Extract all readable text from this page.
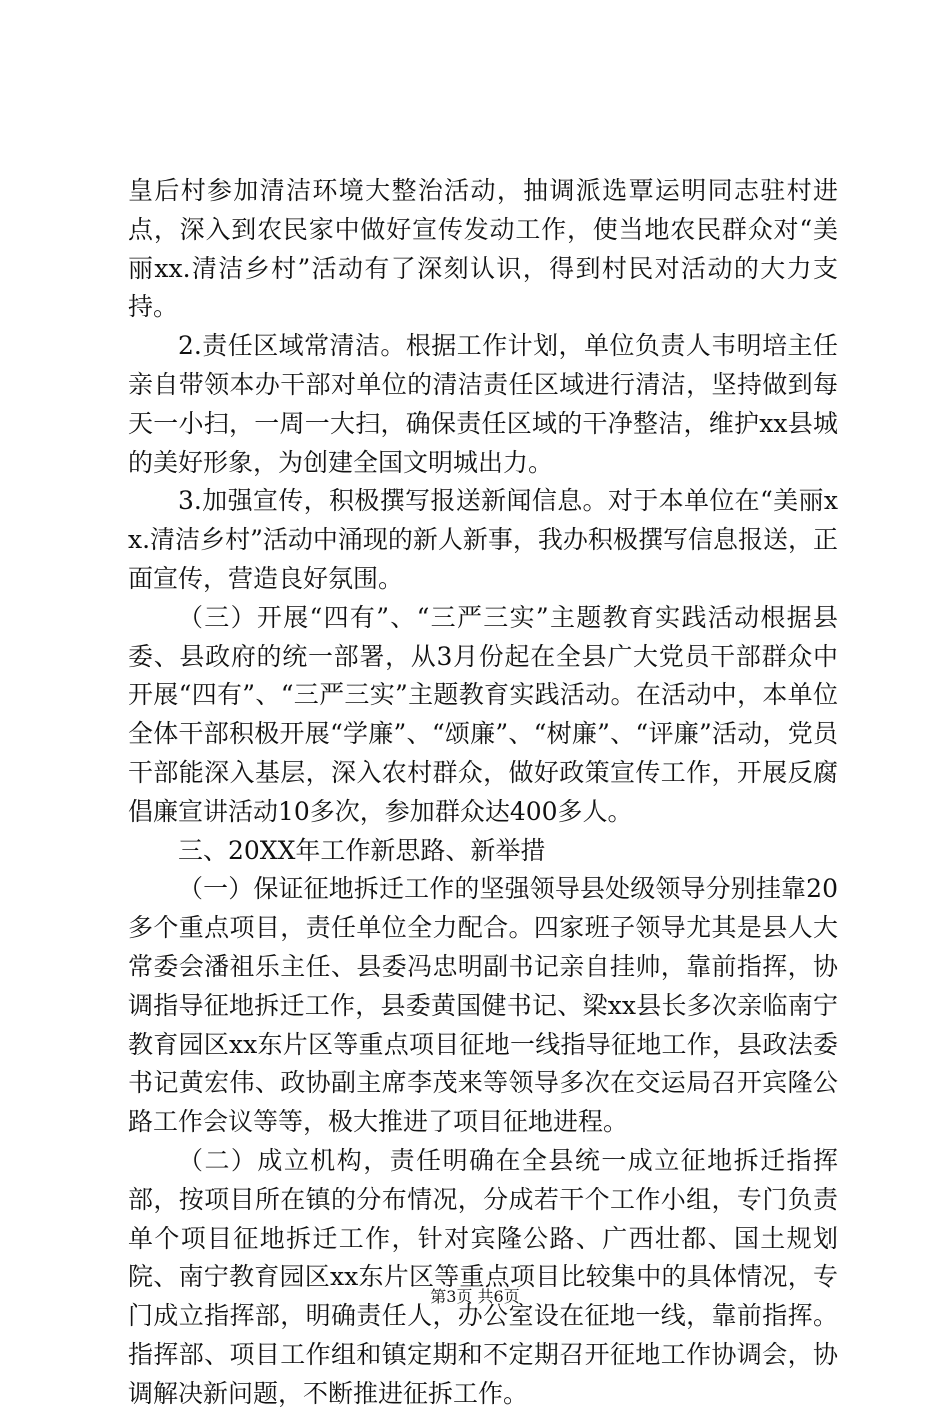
皇后村参加清洁环境大整治活动，抽调派选覃运明同志驻村进点，深入到农民家中做好宣传发动工作，使当地农民群众对“美丽xx.清洁乡村”活动有了深刻认识，得到村民对活动的大力支持。

2.责任区域常清洁。根据工作计划，单位负责人韦明培主任亲自带领本办干部对单位的清洁责任区域进行清洁，坚持做到每天一小扫，一周一大扫，确保责任区域的干净整洁，维护xx县城的美好形象，为创建全国文明城出力。

3.加强宣传，积极撰写报送新闻信息。对于本单位在“美丽xx.清洁乡村”活动中涌现的新人新事，我办积极撰写信息报送，正面宣传，营造良好氛围。

（三）开展“四有”、“三严三实”主题教育实践活动根据县委、县政府的统一部署，从3月份起在全县广大党员干部群众中开展“四有”、“三严三实”主题教育实践活动。在活动中，本单位全体干部积极开展“学廉”、“颂廉”、“树廉”、“评廉”活动，党员干部能深入基层，深入农村群众，做好政策宣传工作，开展反腐倡廉宣讲活动10多次，参加群众达400多人。

三、20XX年工作新思路、新举措

（一）保证征地拆迁工作的坚强领导县处级领导分别挂靠20多个重点项目，责任单位全力配合。四家班子领导尤其是县人大常委会潘祖乐主任、县委冯忠明副书记亲自挂帅，靠前指挥，协调指导征地拆迁工作，县委黄国健书记、梁xx县长多次亲临南宁教育园区xx东片区等重点项目征地一线指导征地工作，县政法委书记黄宏伟、政协副主席李茂来等领导多次在交运局召开宾隆公路工作会议等等，极大推进了项目征地进程。

（二）成立机构，责任明确在全县统一成立征地拆迁指挥部，按项目所在镇的分布情况，分成若干个工作小组，专门负责单个项目征地拆迁工作，针对宾隆公路、广西壮都、国土规划院、南宁教育园区xx东片区等重点项目比较集中的具体情况，专门成立指挥部，明确责任人，办公室设在征地一线，靠前指挥。指挥部、项目工作组和镇定期和不定期召开征地工作协调会，协调解决新问题，不断推进征拆工作。

第3页 共6页
